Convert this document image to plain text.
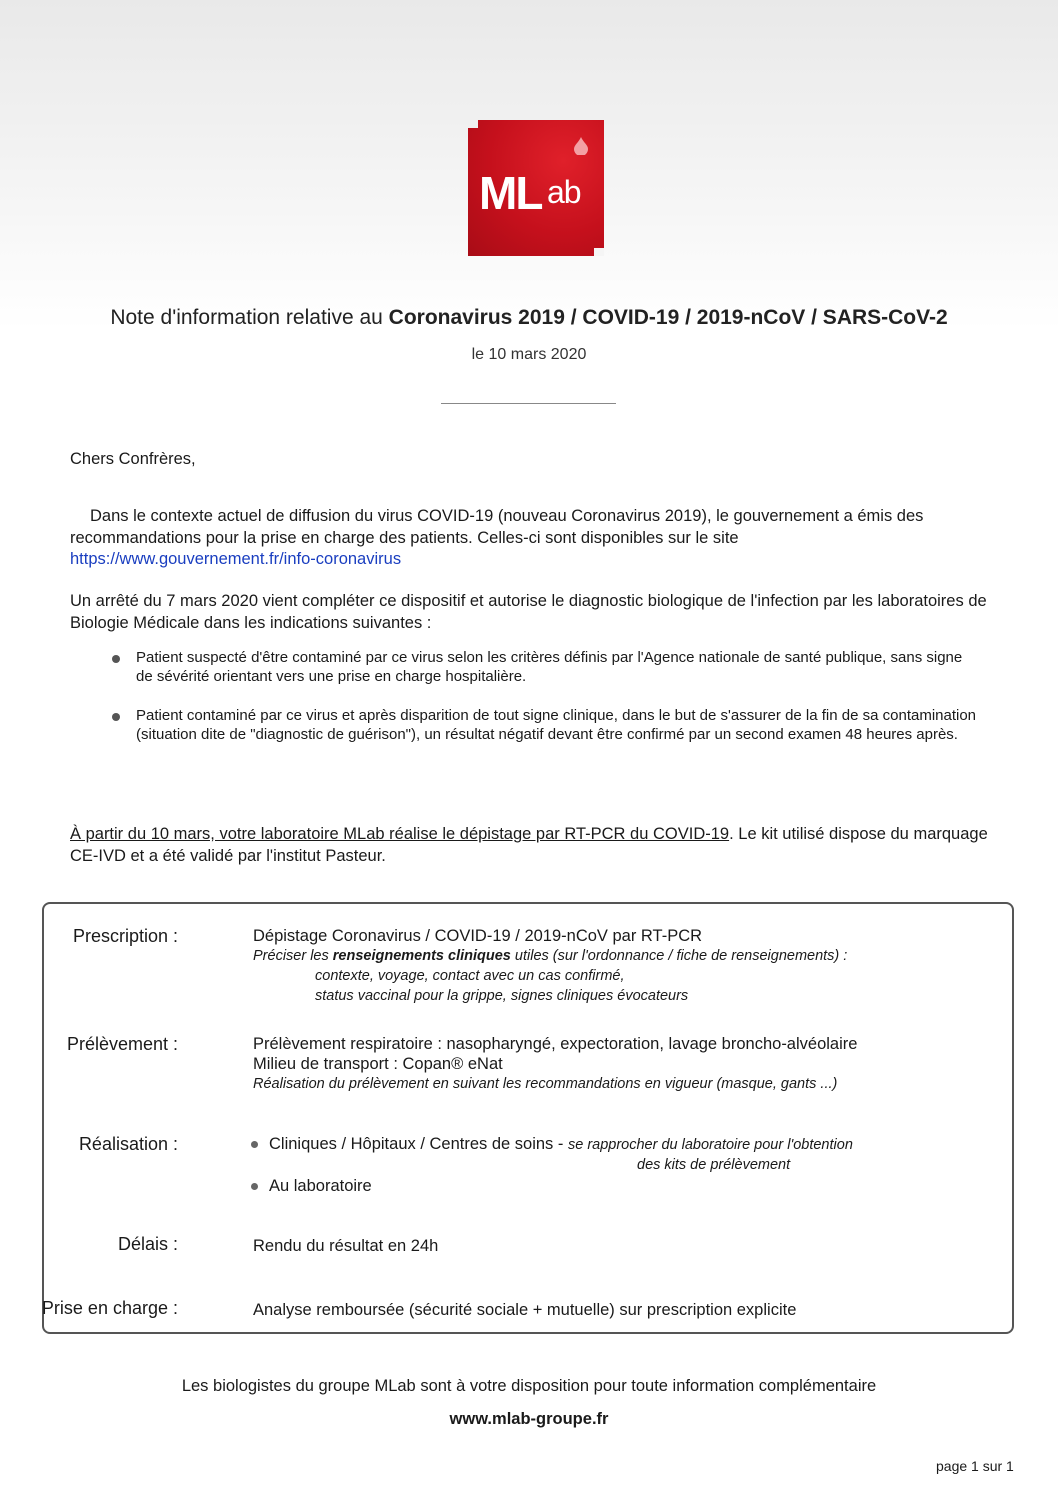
ML ab
Note d'information relative au Coronavirus 2019 / COVID-19 / 2019-nCoV / SARS-CoV-2
le 10 mars 2020
Chers Confrères,
Dans le contexte actuel de diffusion du virus COVID-19 (nouveau Coronavirus 2019), le gouvernement a émis des recommandations pour la prise en charge des patients. Celles-ci sont disponibles sur le site
https://www.gouvernement.fr/info-coronavirus
Un arrêté du 7 mars 2020 vient compléter ce dispositif et autorise le diagnostic biologique de l'infection par les laboratoires de Biologie Médicale dans les indications suivantes :
Patient suspecté d'être contaminé par ce virus selon les critères définis par l'Agence nationale de santé publique, sans signe de sévérité orientant vers une prise en charge hospitalière.
Patient contaminé par ce virus et après disparition de tout signe clinique, dans le but de s'assurer de la fin de sa contamination (situation dite de "diagnostic de guérison"), un résultat négatif devant être confirmé par un second examen 48 heures après.
À partir du 10 mars, votre laboratoire MLab réalise le dépistage par RT-PCR du COVID-19. Le kit utilisé dispose du marquage CE-IVD et a été validé par l'institut Pasteur.
Prescription :	Dépistage Coronavirus / COVID-19 / 2019-nCoV par RT-PCR
Préciser les renseignements cliniques utiles (sur l'ordonnance / fiche de renseignements) :
contexte, voyage, contact avec un cas confirmé,
status vaccinal pour la grippe, signes cliniques évocateurs
Prélèvement :	Prélèvement respiratoire : nasopharyngé, expectoration, lavage broncho-alvéolaire
Milieu de transport : Copan® eNat
Réalisation du prélèvement en suivant les recommandations en vigueur (masque, gants ...)
Réalisation :	Cliniques / Hôpitaux / Centres de soins - se rapprocher du laboratoire pour l'obtention
des kits de prélèvement
Au laboratoire
Délais :	Rendu du résultat en 24h
Prise en charge :	Analyse remboursée (sécurité sociale + mutuelle) sur prescription explicite
Les biologistes du groupe MLab sont à votre disposition pour toute information complémentaire
www.mlab-groupe.fr
page 1 sur 1
